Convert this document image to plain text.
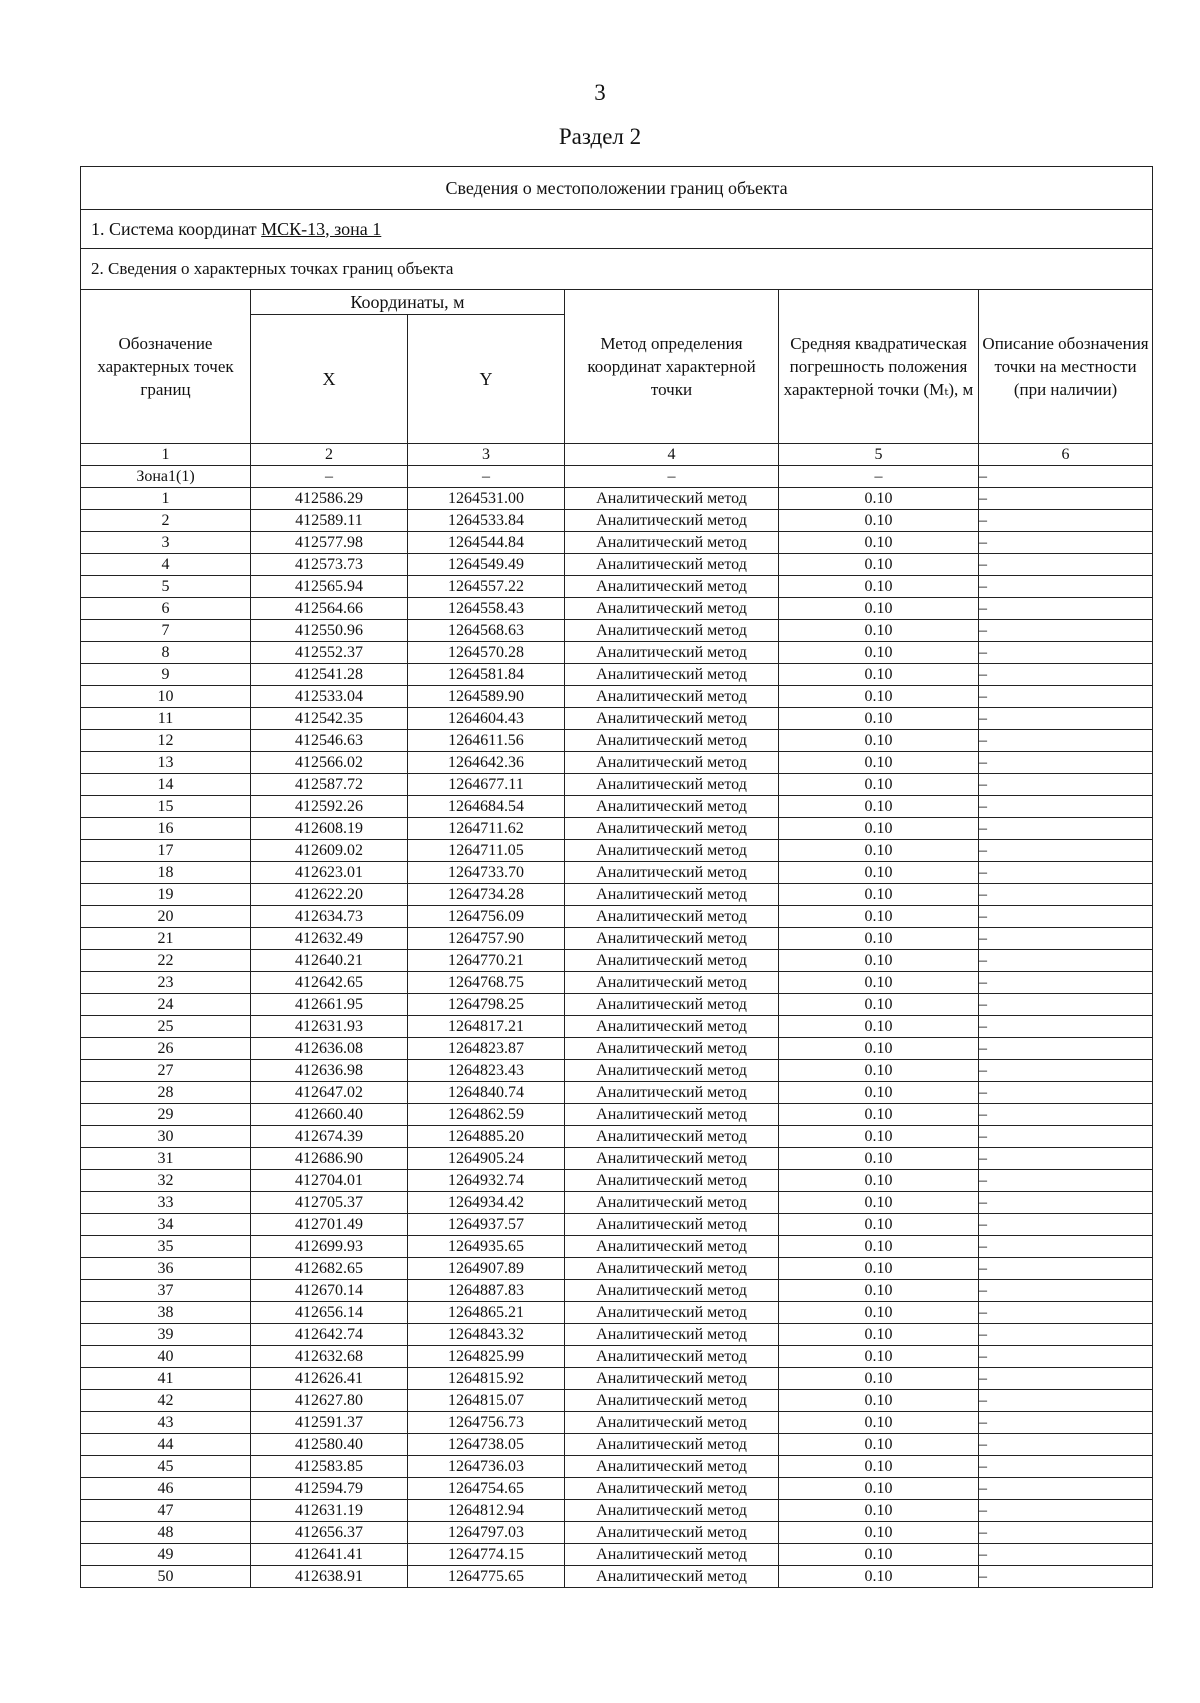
3
Раздел 2
Сведения о местоположении границ объекта					
1. Система координат МСК-13, зона 1					
2. Сведения о характерных точках границ объекта					
Обозначение характерных точек границ	Координаты, м		Метод определения координат характерной точки	Средняя квадратическая погрешность положения характерной точки (Mₜ), м	Описание обозначения точки на местности (при наличии)
	X	Y			
1	2	3	4	5	6
Зона1(1)	–	–	–	–	–
1	412586.29	1264531.00	Аналитический метод	0.10	–
2	412589.11	1264533.84	Аналитический метод	0.10	–
3	412577.98	1264544.84	Аналитический метод	0.10	–
4	412573.73	1264549.49	Аналитический метод	0.10	–
5	412565.94	1264557.22	Аналитический метод	0.10	–
6	412564.66	1264558.43	Аналитический метод	0.10	–
7	412550.96	1264568.63	Аналитический метод	0.10	–
8	412552.37	1264570.28	Аналитический метод	0.10	–
9	412541.28	1264581.84	Аналитический метод	0.10	–
10	412533.04	1264589.90	Аналитический метод	0.10	–
11	412542.35	1264604.43	Аналитический метод	0.10	–
12	412546.63	1264611.56	Аналитический метод	0.10	–
13	412566.02	1264642.36	Аналитический метод	0.10	–
14	412587.72	1264677.11	Аналитический метод	0.10	–
15	412592.26	1264684.54	Аналитический метод	0.10	–
16	412608.19	1264711.62	Аналитический метод	0.10	–
17	412609.02	1264711.05	Аналитический метод	0.10	–
18	412623.01	1264733.70	Аналитический метод	0.10	–
19	412622.20	1264734.28	Аналитический метод	0.10	–
20	412634.73	1264756.09	Аналитический метод	0.10	–
21	412632.49	1264757.90	Аналитический метод	0.10	–
22	412640.21	1264770.21	Аналитический метод	0.10	–
23	412642.65	1264768.75	Аналитический метод	0.10	–
24	412661.95	1264798.25	Аналитический метод	0.10	–
25	412631.93	1264817.21	Аналитический метод	0.10	–
26	412636.08	1264823.87	Аналитический метод	0.10	–
27	412636.98	1264823.43	Аналитический метод	0.10	–
28	412647.02	1264840.74	Аналитический метод	0.10	–
29	412660.40	1264862.59	Аналитический метод	0.10	–
30	412674.39	1264885.20	Аналитический метод	0.10	–
31	412686.90	1264905.24	Аналитический метод	0.10	–
32	412704.01	1264932.74	Аналитический метод	0.10	–
33	412705.37	1264934.42	Аналитический метод	0.10	–
34	412701.49	1264937.57	Аналитический метод	0.10	–
35	412699.93	1264935.65	Аналитический метод	0.10	–
36	412682.65	1264907.89	Аналитический метод	0.10	–
37	412670.14	1264887.83	Аналитический метод	0.10	–
38	412656.14	1264865.21	Аналитический метод	0.10	–
39	412642.74	1264843.32	Аналитический метод	0.10	–
40	412632.68	1264825.99	Аналитический метод	0.10	–
41	412626.41	1264815.92	Аналитический метод	0.10	–
42	412627.80	1264815.07	Аналитический метод	0.10	–
43	412591.37	1264756.73	Аналитический метод	0.10	–
44	412580.40	1264738.05	Аналитический метод	0.10	–
45	412583.85	1264736.03	Аналитический метод	0.10	–
46	412594.79	1264754.65	Аналитический метод	0.10	–
47	412631.19	1264812.94	Аналитический метод	0.10	–
48	412656.37	1264797.03	Аналитический метод	0.10	–
49	412641.41	1264774.15	Аналитический метод	0.10	–
50	412638.91	1264775.65	Аналитический метод	0.10	–
